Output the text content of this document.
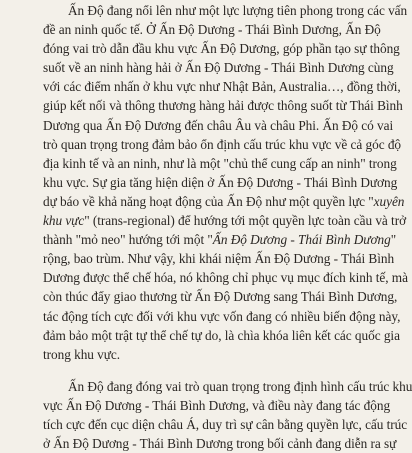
Ấn Độ đang nổi lên như một lực lượng tiên phong trong các vấn
đề an ninh quốc tế. Ở Ấn Độ Dương - Thái Bình Dương, Ấn Độ
đóng vai trò dẫn đầu khu vực Ấn Độ Dương, góp phần tạo sự thông
suốt về an ninh hàng hải ở Ấn Độ Dương - Thái Bình Dương cùng
với các điểm nhấn ở khu vực như Nhật Bản, Australia…, đồng thời,
giúp kết nối và thông thương hàng hải được thông suốt từ Thái Bình
Dương qua Ấn Độ Dương đến châu Âu và châu Phi. Ấn Độ có vai
trò quan trọng trong đảm bảo ổn định cấu trúc khu vực về cả góc độ
địa kinh tế và an ninh, như là một "chủ thể cung cấp an ninh" trong
khu vực. Sự gia tăng hiện diện ở Ấn Độ Dương - Thái Bình Dương
dự báo về khả năng hoạt động của Ấn Độ như một quyền lực "xuyên
khu vực" (trans-regional) để hướng tới một quyền lực toàn cầu và trở
thành "mỏ neo" hướng tới một "Ấn Độ Dương - Thái Bình Dương"
rộng, bao trùm. Như vậy, khi khái niệm Ấn Độ Dương - Thái Bình
Dương được thể chế hóa, nó không chỉ phục vụ mục đích kinh tế, mà
còn thúc đẩy giao thương từ Ấn Độ Dương sang Thái Bình Dương,
tác động tích cực đối với khu vực vốn đang có nhiều biến động này,
đảm bảo một trật tự thể chế tự do, là chìa khóa liên kết các quốc gia
trong khu vực.
Ấn Độ đang đóng vai trò quan trọng trong định hình cấu trúc khu
vực Ấn Độ Dương - Thái Bình Dương, và điều này đang tác động
tích cực đến cục diện châu Á, duy trì sự cân bằng quyền lực, cấu trúc
ở Ấn Độ Dương - Thái Bình Dương trong bối cảnh đang diễn ra sự
